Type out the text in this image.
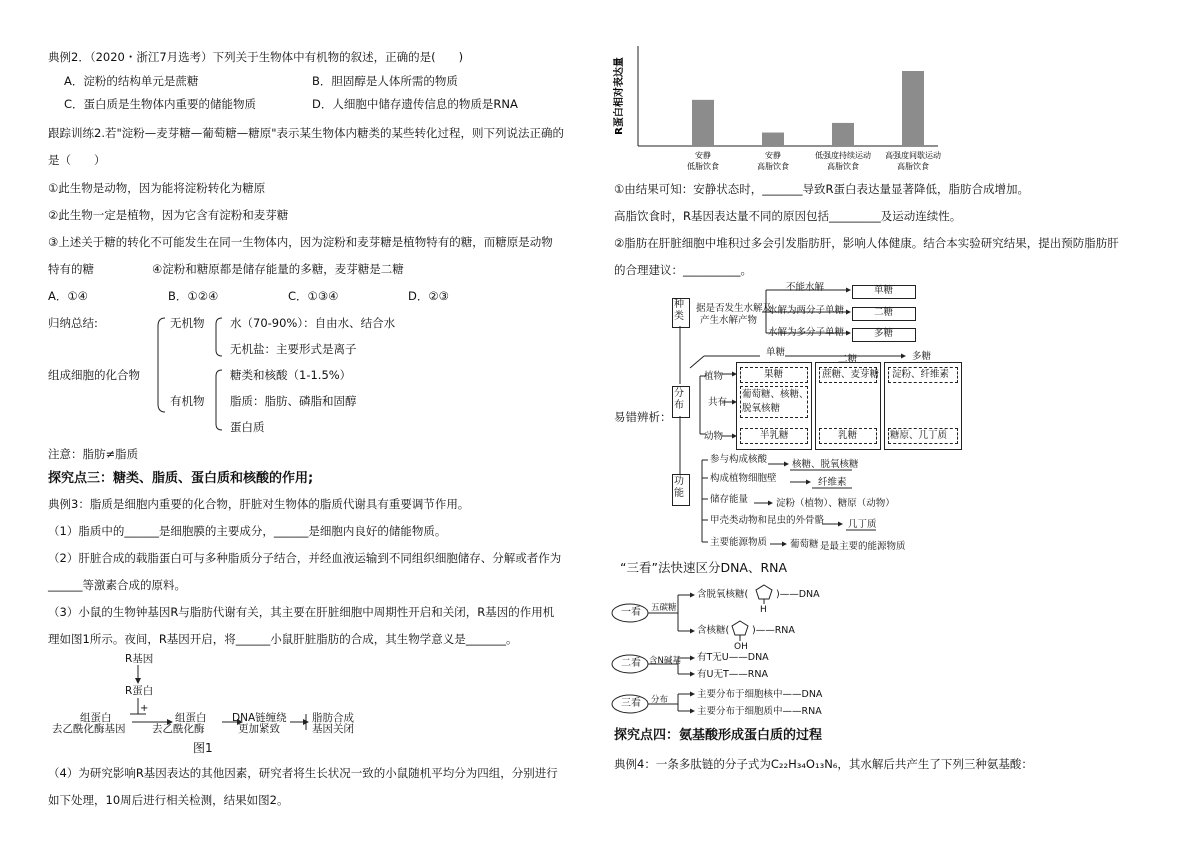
典例2．（2020・浙江7月选考）下列关于生物体中有机物的叙述，正确的是(　　)
A．淀粉的结构单元是蔗糖	B．胆固醇是人体所需的物质
C．蛋白质是生物体内重要的储能物质	D．人细胞中储存遗传信息的物质是RNA
跟踪训练2.若"淀粉—麦芽糖—葡萄糖—糖原"表示某生物体内糖类的某些转化过程，则下列说法正确的
是（　　）
①此生物是动物，因为能将淀粉转化为糖原
②此生物一定是植物，因为它含有淀粉和麦芽糖
③上述关于糖的转化不可能发生在同一生物体内，因为淀粉和麦芽糖是植物特有的糖，而糖原是动物
特有的糖	④淀粉和糖原都是储存能量的多糖，麦芽糖是二糖
A．①④	B．①②④	C．①③④	D．②③
归纳总结:
组成细胞的化合物
无机物 水（70-90%）：自由水、结合水
无机盐：主要形式是离子
有机物
糖类和核酸（1-1.5%）
脂质：脂肪、磷脂和固醇
蛋白质
注意：脂肪≠脂质
探究点三：糖类、脂质、蛋白质和核酸的作用;
典例3：脂质是细胞内重要的化合物，肝脏对生物体的脂质代谢具有重要调节作用。
（1）脂质中的______是细胞膜的主要成分，______是细胞内良好的储能物质。
（2）肝脏合成的载脂蛋白可与多种脂质分子结合，并经血液运输到不同组织细胞储存、分解或者作为
______等激素合成的原料。
（3）小鼠的生物钟基因R与脂肪代谢有关，其主要在肝脏细胞中周期性开启和关闭，R基因的作用机
理如图1所示。夜间，R基因开启，将______小鼠肝脏脂肪的合成，其生物学意义是_______。
R基因
R蛋白
+
组蛋白
去乙酰化酶基因
组蛋白
去乙酰化酶
DNA链缠绕
更加紧致
脂肪合成
基因关闭
图1
（4）为研究影响R基因表达的其他因素，研究者将生长状况一致的小鼠随机平均分为四组，分别进行
如下处理，10周后进行相关检测，结果如图2。
R蛋白相对表达量
安静
低脂饮食
安静
高脂饮食
低强度持续运动
高脂饮食
高强度间歇运动
高脂饮食
①由结果可知：安静状态时，_______导致R蛋白表达量显著降低，脂肪合成增加。
高脂饮食时，R基因表达量不同的原因包括_________及运动连续性。
②脂肪在肝脏细胞中堆积过多会引发脂肪肝，影响人体健康。结合本实验研究结果，提出预防脂肪肝
的合理建议：__________。
易错辨析：
种类
据是否发生水解及
产生水解产物
不能水解	单糖
水解为两分子单糖	二糖
水解为多分子单糖	多糖
单糖
二糖	多糖
分布
植物
共有
动物
果糖	蔗糖、麦芽糖 淀粉、纤维素
葡萄糖、核糖、
脱氧核糖
半乳糖	乳糖	糖原、几丁质
功能
参与构成核酸	核糖、脱氧核糖
构成植物细胞壁	纤维素
储存能量	淀粉（植物）、糖原（动物）
甲壳类动物和昆虫的外骨骼	几丁质
主要能源物质 葡萄糖 是最主要的能源物质
“三看”法快速区分DNA、RNA
一看
二看
三看
五碳糖
含N碱基
分布
含脱氧核糖(	)——DNA
H
含核糖( )——RNA
OH
有T无U——DNA
有U无T——RNA
主要分布于细胞核中——DNA
主要分布于细胞质中——RNA
探究点四：氨基酸形成蛋白质的过程
典例4：一条多肽链的分子式为C₂₂H₃₄O₁₃N₆，其水解后共产生了下列三种氨基酸：
